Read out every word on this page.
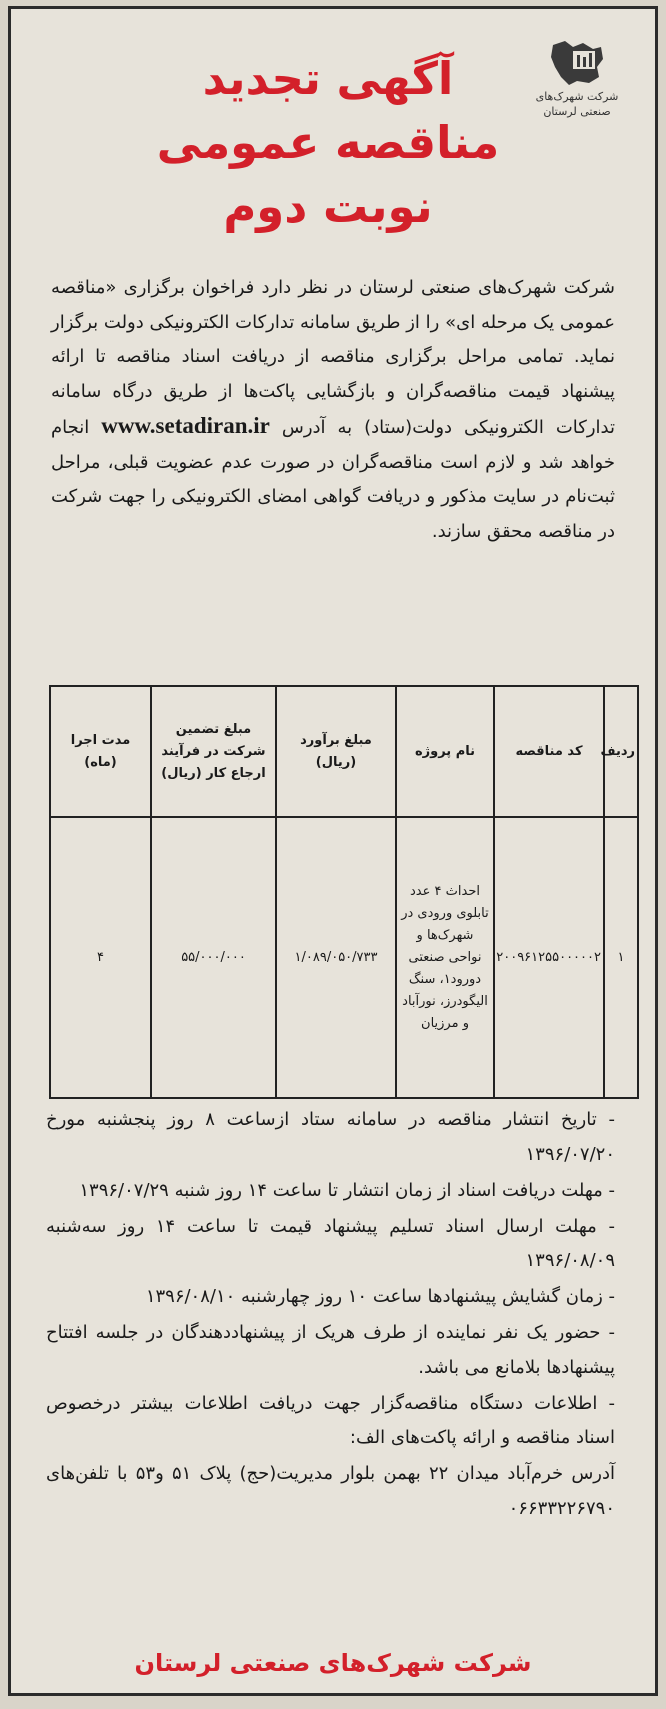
شرکت شهرک‌های
صنعتی لرستان
آگهی تجدید
مناقصه عمومی
نوبت دوم
شرکت شهرک‌های صنعتی لرستان در نظر دارد فراخوان برگزاری «مناقصه عمومی یک مرحله ای» را از طریق سامانه تدارکات الکترونیکی دولت برگزار نماید. تمامی مراحل برگزاری مناقصه از دریافت اسناد مناقصه تا ارائه پیشنهاد قیمت مناقصه‌گران و بازگشایی پاکت‌ها از طریق درگاه سامانه تدارکات الکترونیکی دولت(ستاد) به آدرس www.setadiran.ir انجام خواهد شد و لازم است مناقصه‌گران در صورت عدم عضویت قبلی، مراحل ثبت‌نام در سایت مذکور و دریافت گواهی امضای الکترونیکی را جهت شرکت در مناقصه محقق سازند.
ردیف	کد مناقصه	نام پروژه	مبلغ برآورد (ریال)	مبلغ تضمین شرکت در فرآیند ارجاع کار (ریال)	مدت اجرا (ماه)
۱	۲۰۰۹۶۱۲۵۵۰۰۰۰۰۲	احداث ۴ عدد تابلوی ورودی در شهرک‌ها و نواحی صنعتی دورود۱، سنگ الیگودرز، نورآباد و مرزیان	۱/۰۸۹/۰۵۰/۷۳۳	۵۵/۰۰۰/۰۰۰	۴

- تاریخ انتشار مناقصه در سامانه ستاد ازساعت ۸ روز پنجشنبه مورخ ۱۳۹۶/۰۷/۲۰

- مهلت دریافت اسناد از زمان انتشار تا ساعت ۱۴ روز شنبه ۱۳۹۶/۰۷/۲۹

- مهلت ارسال اسناد تسلیم پیشنهاد قیمت تا ساعت ۱۴ روز سه‌شنبه ۱۳۹۶/۰۸/۰۹

- زمان گشایش پیشنهادها ساعت ۱۰ روز چهارشنبه ۱۳۹۶/۰۸/۱۰

- حضور یک نفر نماینده از طرف هریک از پیشنهاددهندگان در جلسه افتتاح پیشنهادها بلامانع می باشد.

- اطلاعات دستگاه مناقصه‌گزار جهت دریافت اطلاعات بیشتر درخصوص اسناد مناقصه و ارائه پاکت‌های الف:

آدرس خرم‌آباد میدان ۲۲ بهمن بلوار مدیریت(حج) پلاک ۵۱ و۵۳ با تلفن‌های ۰۶۶۳۳۲۲۶۷۹۰

شرکت شهرک‌های صنعتی لرستان
